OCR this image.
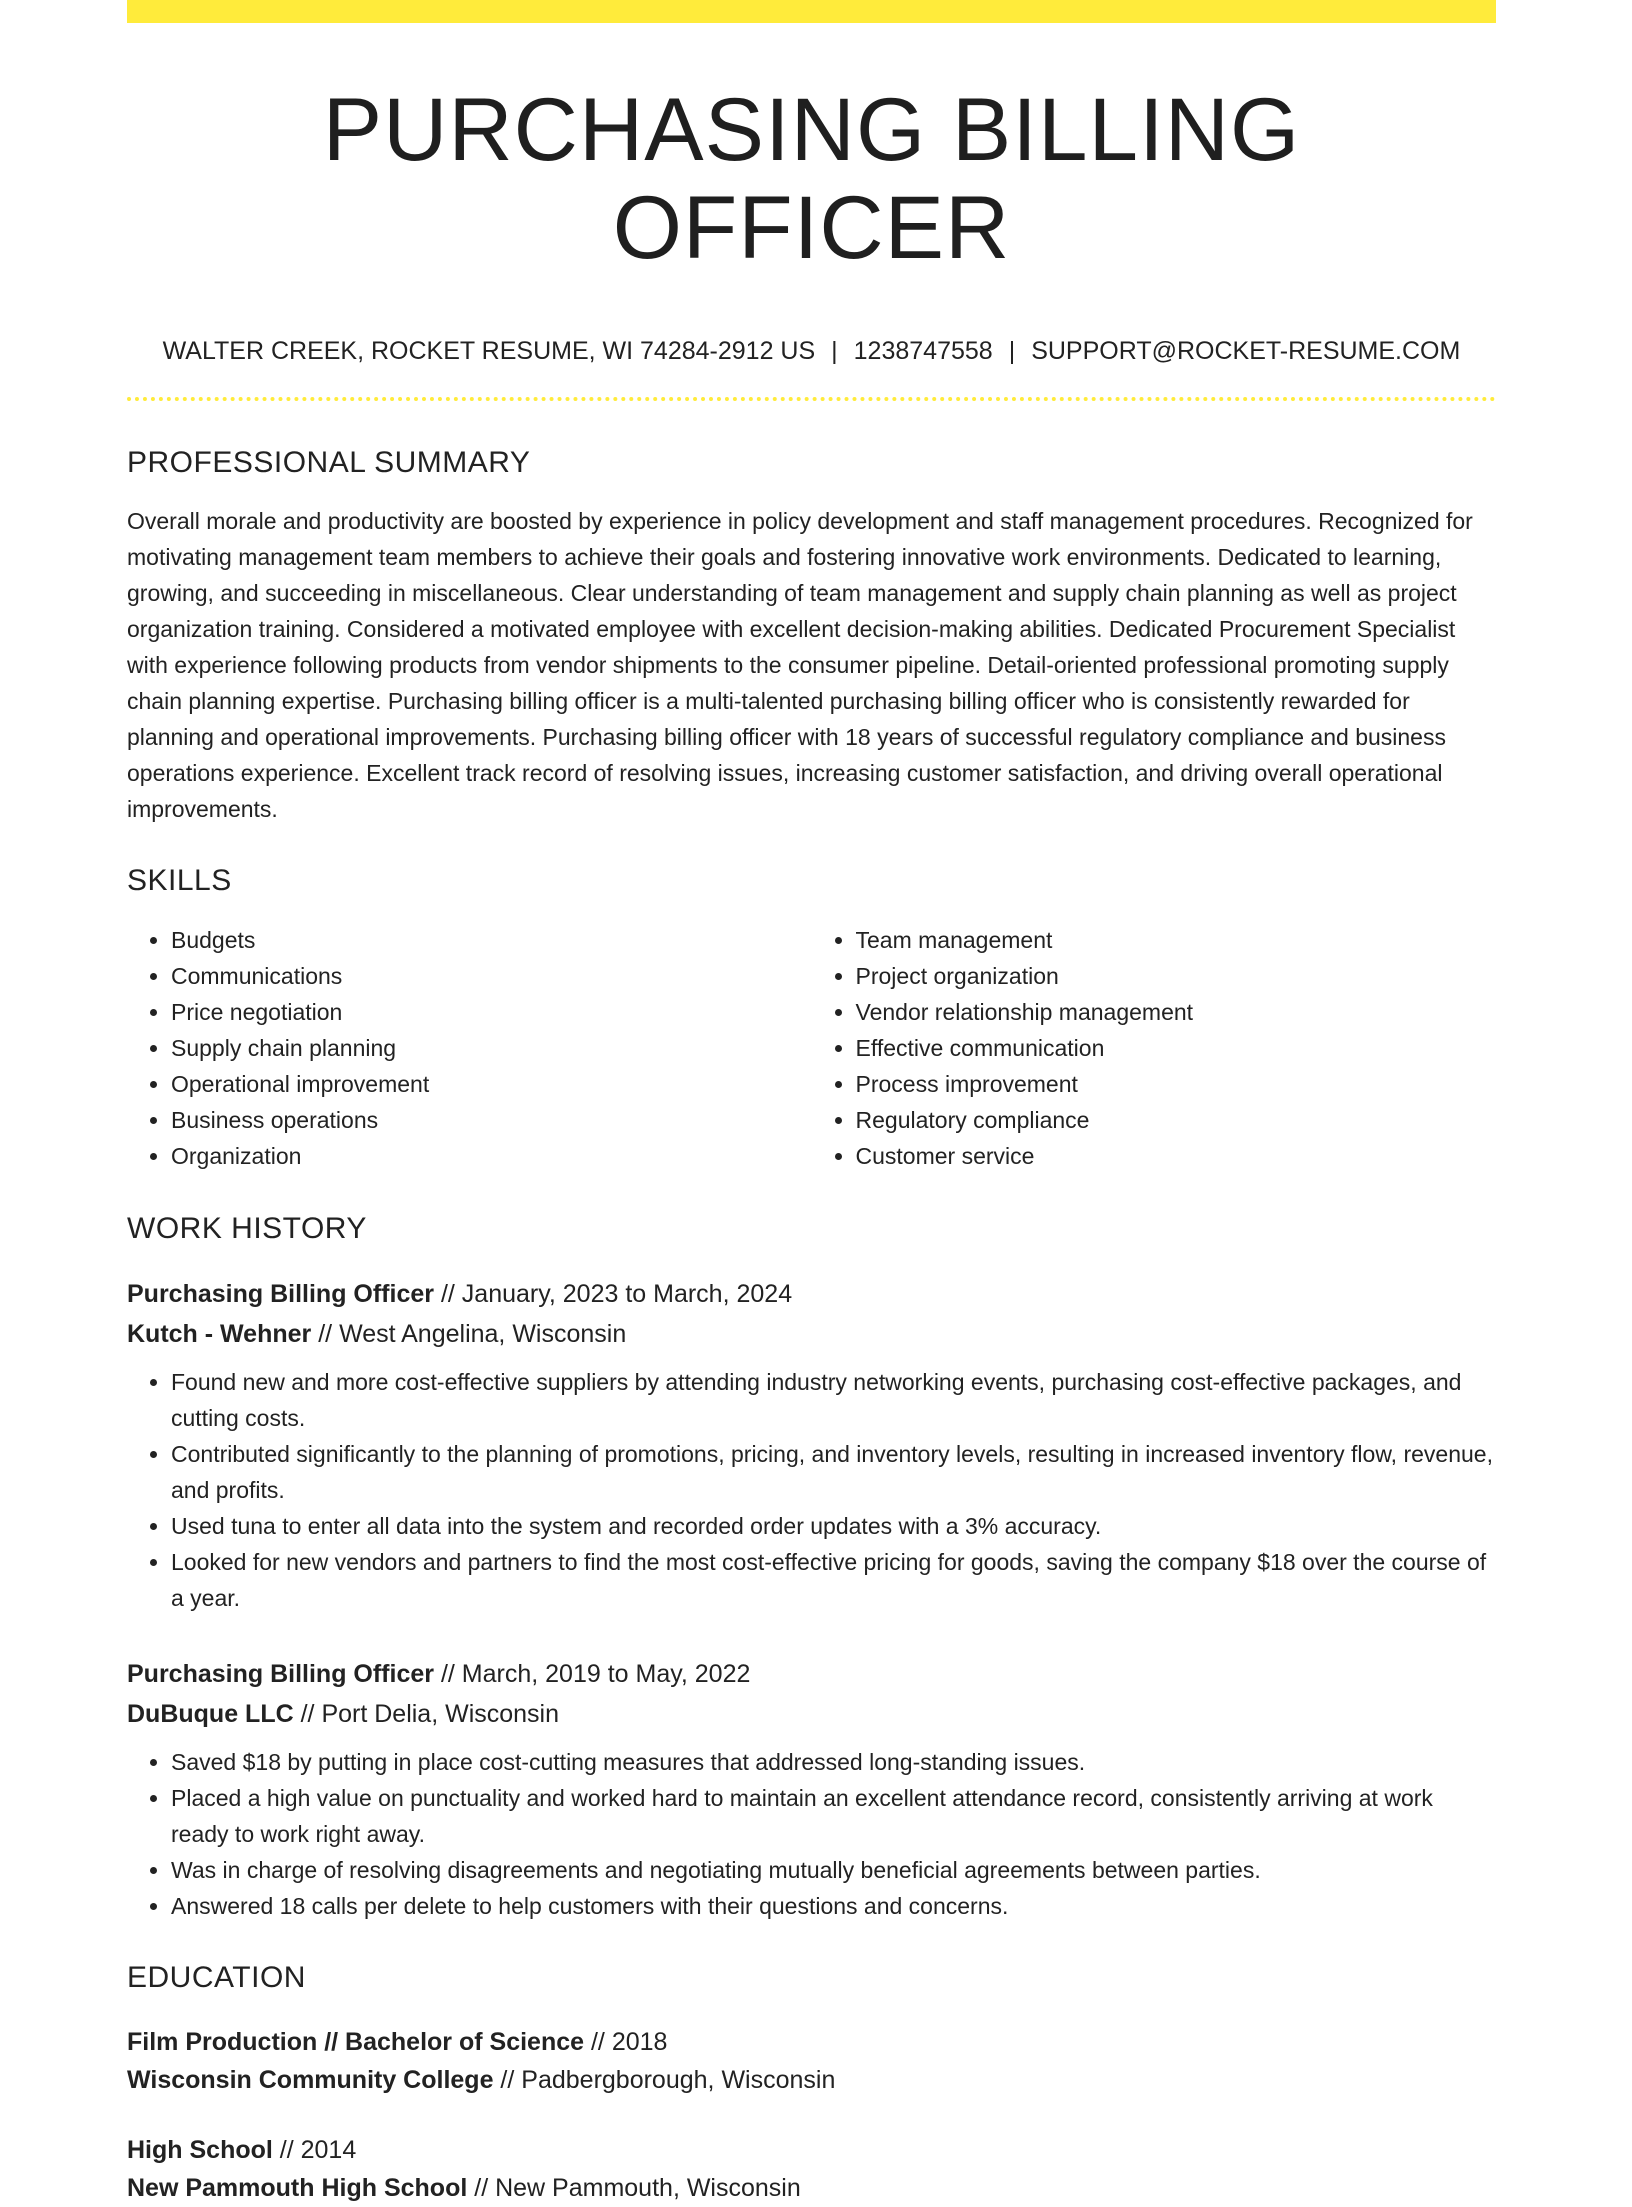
PURCHASING BILLING OFFICER
WALTER CREEK, ROCKET RESUME, WI 74284-2912 US | 1238747558 | SUPPORT@ROCKET-RESUME.COM
PROFESSIONAL SUMMARY
Overall morale and productivity are boosted by experience in policy development and staff management procedures. Recognized for motivating management team members to achieve their goals and fostering innovative work environments. Dedicated to learning, growing, and succeeding in miscellaneous. Clear understanding of team management and supply chain planning as well as project organization training. Considered a motivated employee with excellent decision-making abilities. Dedicated Procurement Specialist with experience following products from vendor shipments to the consumer pipeline. Detail-oriented professional promoting supply chain planning expertise. Purchasing billing officer is a multi-talented purchasing billing officer who is consistently rewarded for planning and operational improvements. Purchasing billing officer with 18 years of successful regulatory compliance and business operations experience. Excellent track record of resolving issues, increasing customer satisfaction, and driving overall operational improvements.
SKILLS
• Budgets
• Communications
• Price negotiation
• Supply chain planning
• Operational improvement
• Business operations
• Organization
• Team management
• Project organization
• Vendor relationship management
• Effective communication
• Process improvement
• Regulatory compliance
• Customer service
WORK HISTORY
Purchasing Billing Officer // January, 2023 to March, 2024
Kutch - Wehner // West Angelina, Wisconsin
• Found new and more cost-effective suppliers by attending industry networking events, purchasing cost-effective packages, and cutting costs.
• Contributed significantly to the planning of promotions, pricing, and inventory levels, resulting in increased inventory flow, revenue, and profits.
• Used tuna to enter all data into the system and recorded order updates with a 3% accuracy.
• Looked for new vendors and partners to find the most cost-effective pricing for goods, saving the company $18 over the course of a year.
Purchasing Billing Officer // March, 2019 to May, 2022
DuBuque LLC // Port Delia, Wisconsin
• Saved $18 by putting in place cost-cutting measures that addressed long-standing issues.
• Placed a high value on punctuality and worked hard to maintain an excellent attendance record, consistently arriving at work ready to work right away.
• Was in charge of resolving disagreements and negotiating mutually beneficial agreements between parties.
• Answered 18 calls per delete to help customers with their questions and concerns.
EDUCATION
Film Production // Bachelor of Science // 2018
Wisconsin Community College // Padbergborough, Wisconsin
High School // 2014
New Pammouth High School // New Pammouth, Wisconsin
